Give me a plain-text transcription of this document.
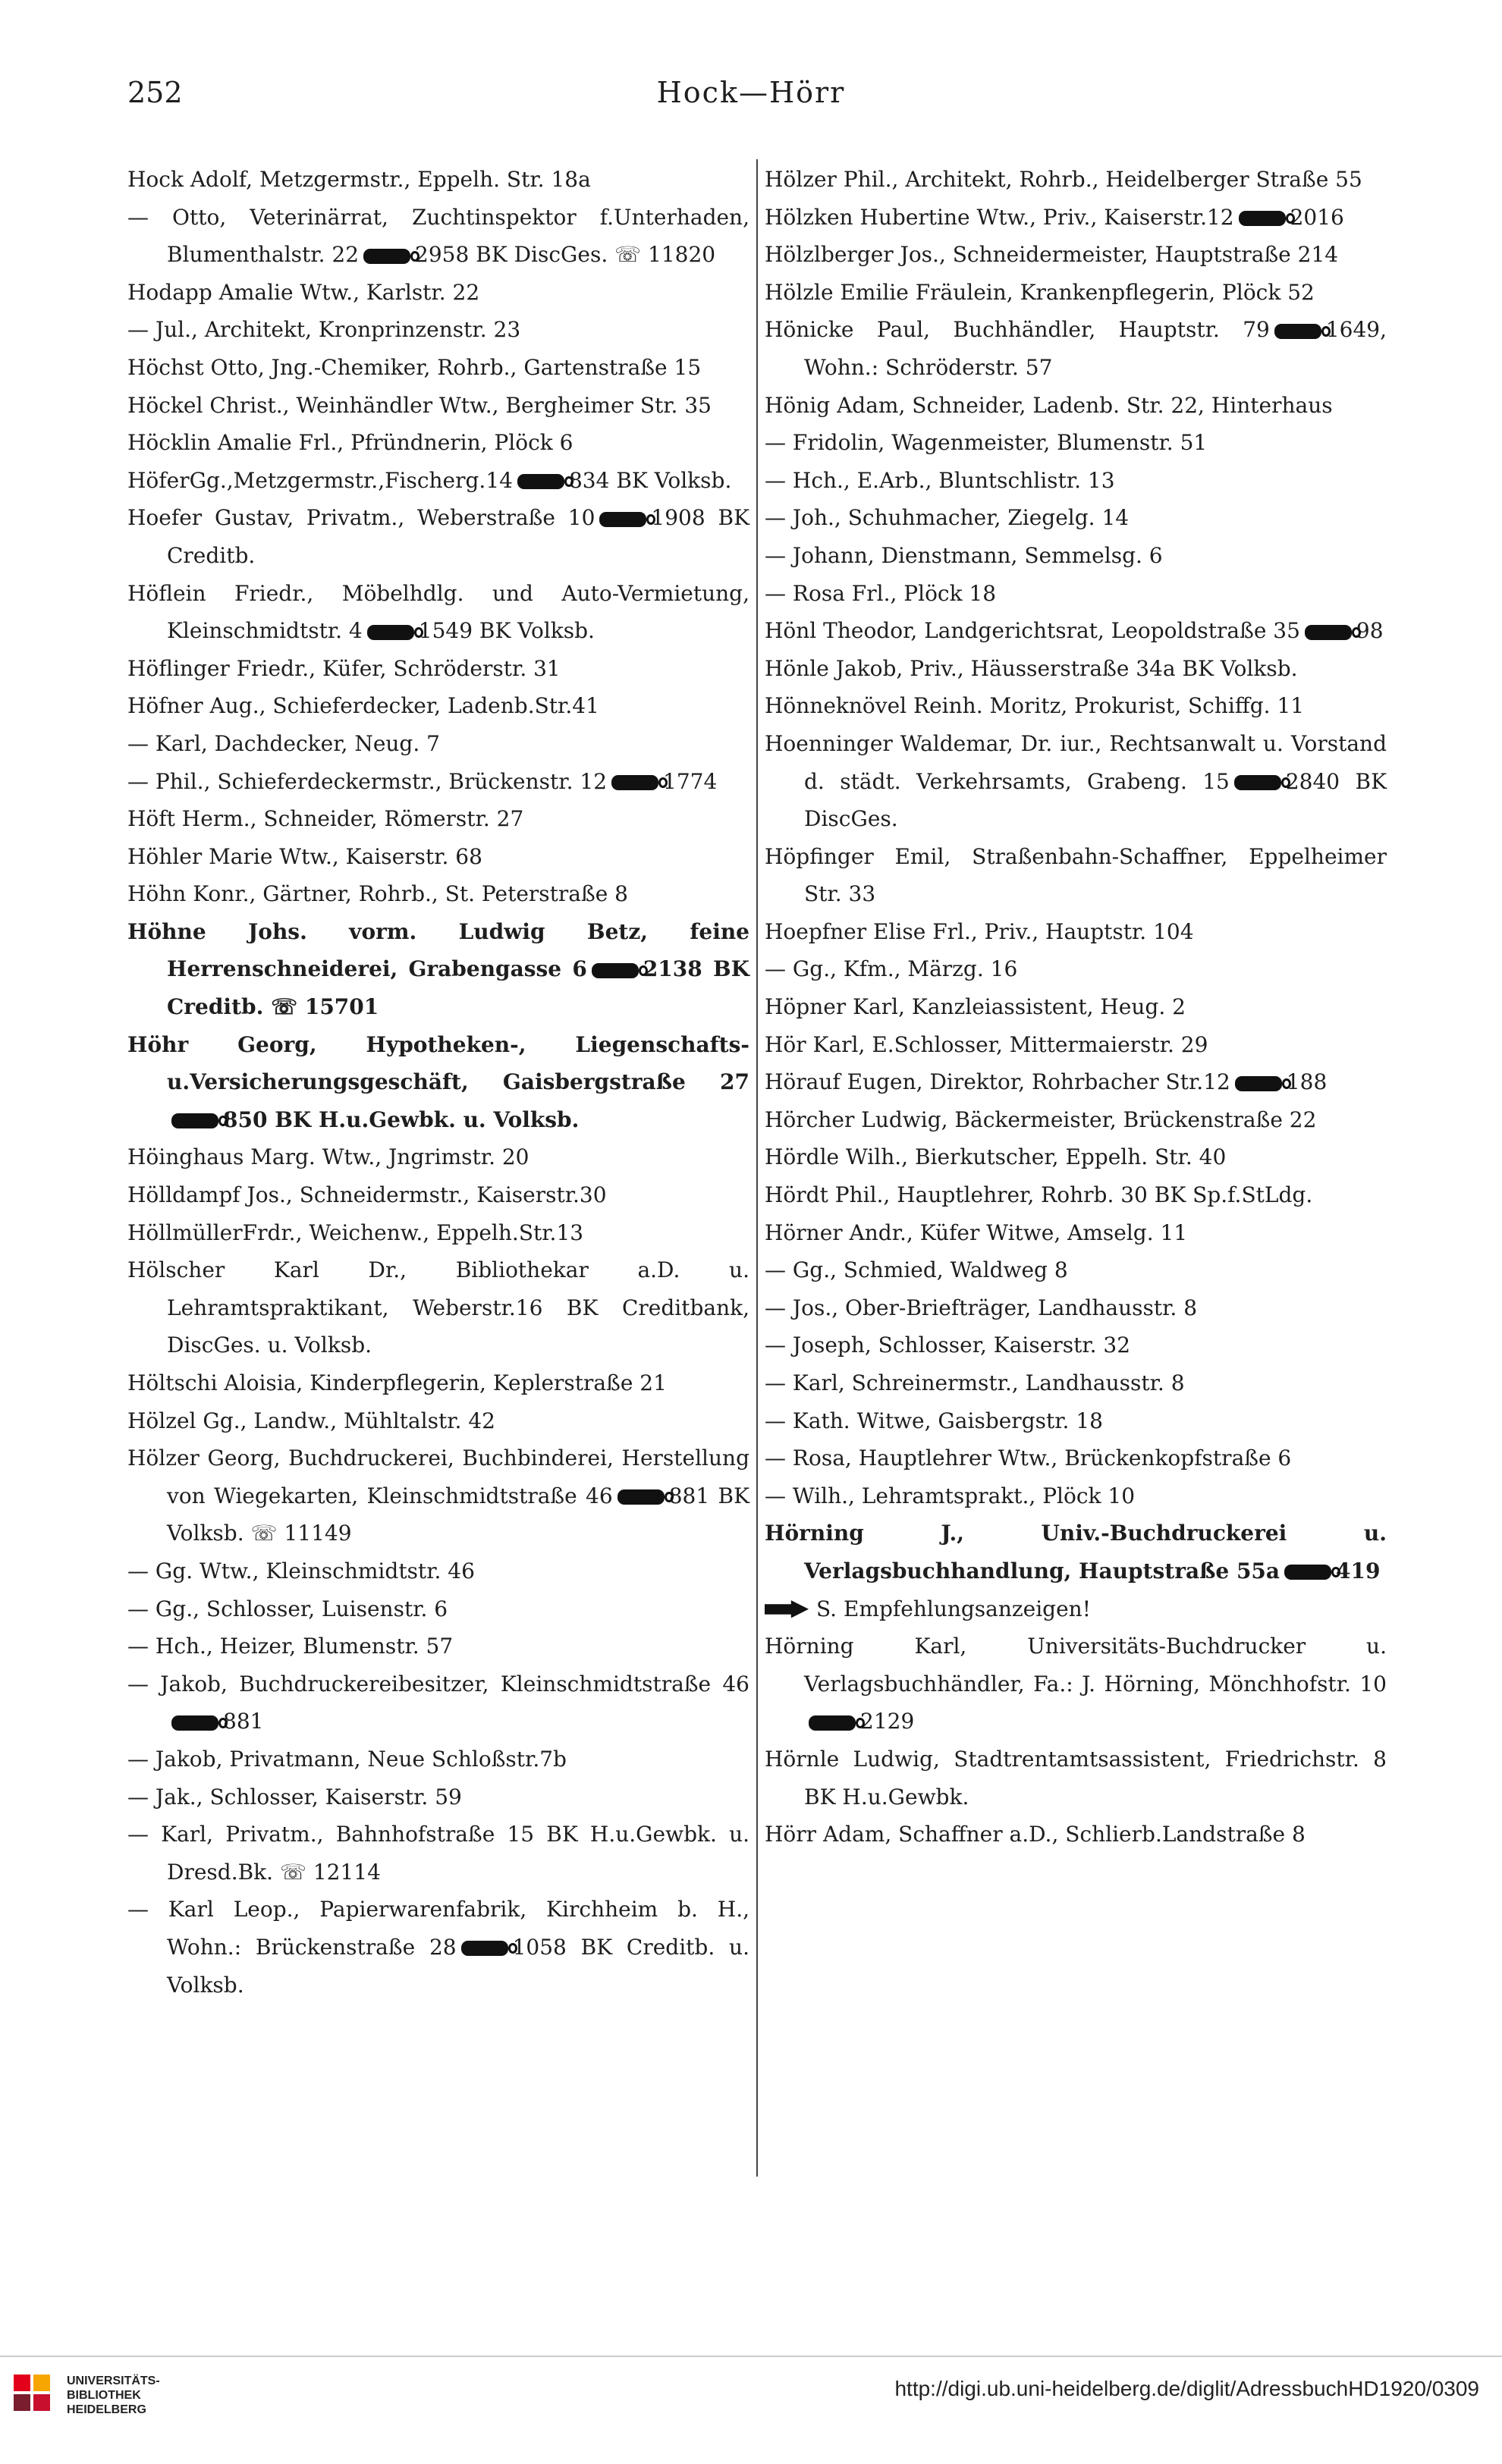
252	Hock—Hörr

Hock Adolf, Metzgermstr., Eppelh. Str. 18a

— Otto, Veterinärrat, Zuchtinspektor f.Unterhaden, Blumenthalstr. 22	2958 BK DiscGes. ☏ 11820

Hodapp Amalie Wtw., Karlstr. 22

— Jul., Architekt, Kronprinzenstr. 23

Höchst Otto, Jng.-Chemiker, Rohrb., Gartenstraße 15

Höckel Christ., Weinhändler Wtw., Bergheimer Str. 35

Höcklin Amalie Frl., Pfründnerin, Plöck 6

HöferGg.,Metzgermstr.,Fischerg.14	834 BK Volksb.

Hoefer Gustav, Privatm., Weberstraße 10	1908 BK Creditb.

Höflein Friedr., Möbelhdlg. und Auto-Vermietung, Kleinschmidtstr. 4	1549 BK Volksb.

Höflinger Friedr., Küfer, Schröderstr. 31

Höfner Aug., Schieferdecker, Ladenb.Str.41

— Karl, Dachdecker, Neug. 7

— Phil., Schieferdeckermstr., Brückenstr. 12	1774

Höft Herm., Schneider, Römerstr. 27

Höhler Marie Wtw., Kaiserstr. 68

Höhn Konr., Gärtner, Rohrb., St. Peterstraße 8

Höhne Johs. vorm. Ludwig Betz, feine Herrenschneiderei, Grabengasse 6	2138 BK Creditb. ☏ 15701

Höhr Georg, Hypotheken-, Liegenschafts- u.Versicherungsgeschäft, Gaisbergstraße 27850 BK H.u.Gewbk. u. Volksb.

Höinghaus Marg. Wtw., Jngrimstr. 20

Hölldampf Jos., Schneidermstr., Kaiserstr.30

HöllmüllerFrdr., Weichenw., Eppelh.Str.13

Hölscher Karl Dr., Bibliothekar a.D. u. Lehramtspraktikant, Weberstr.16 BK Creditbank, DiscGes. u. Volksb.

Höltschi Aloisia, Kinderpflegerin, Keplerstraße 21

Hölzel Gg., Landw., Mühltalstr. 42

Hölzer Georg, Buchdruckerei, Buchbinderei, Herstellung von Wiegekarten, Kleinschmidtstraße 46	881 BK Volksb. ☏ 11149

— Gg. Wtw., Kleinschmidtstr. 46

— Gg., Schlosser, Luisenstr. 6

— Hch., Heizer, Blumenstr. 57

— Jakob, Buchdruckereibesitzer, Kleinschmidtstraße 46881

— Jakob, Privatmann, Neue Schloßstr.7b

— Jak., Schlosser, Kaiserstr. 59

— Karl, Privatm., Bahnhofstraße 15 BK H.u.Gewbk. u. Dresd.Bk. ☏ 12114

— Karl Leop., Papierwarenfabrik, Kirchheim b. H., Wohn.: Brückenstraße 28	1058 BK Creditb. u. Volksb.

Hölzer Phil., Architekt, Rohrb., Heidelberger Straße 55

Hölzken Hubertine Wtw., Priv., Kaiserstr.12	2016

Hölzlberger Jos., Schneidermeister, Hauptstraße 214

Hölzle Emilie Fräulein, Krankenpflegerin, Plöck 52

Hönicke Paul, Buchhändler, Hauptstr. 79	1649, Wohn.: Schröderstr. 57

Hönig Adam, Schneider, Ladenb. Str. 22, Hinterhaus

— Fridolin, Wagenmeister, Blumenstr. 51

— Hch., E.Arb., Bluntschlistr. 13

— Joh., Schuhmacher, Ziegelg. 14

— Johann, Dienstmann, Semmelsg. 6

— Rosa Frl., Plöck 18

Hönl Theodor, Landgerichtsrat, Leopoldstraße 35	98

Hönle Jakob, Priv., Häusserstraße 34a BK Volksb.

Hönneknövel Reinh. Moritz, Prokurist, Schiffg. 11

Hoenninger Waldemar, Dr. iur., Rechtsanwalt u. Vorstand d. städt. Verkehrsamts, Grabeng. 15	2840 BK DiscGes.

Höpfinger Emil, Straßenbahn-Schaffner, Eppelheimer Str. 33

Hoepfner Elise Frl., Priv., Hauptstr. 104

— Gg., Kfm., Märzg. 16

Höpner Karl, Kanzleiassistent, Heug. 2

Hör Karl, E.Schlosser, Mittermaierstr. 29

Hörauf Eugen, Direktor, Rohrbacher Str.12	188

Hörcher Ludwig, Bäckermeister, Brückenstraße 22

Hördle Wilh., Bierkutscher, Eppelh. Str. 40

Hördt Phil., Hauptlehrer, Rohrb. 30 BK Sp.f.StLdg.

Hörner Andr., Küfer Witwe, Amselg. 11

— Gg., Schmied, Waldweg 8

— Jos., Ober-Briefträger, Landhausstr. 8

— Joseph, Schlosser, Kaiserstr. 32

— Karl, Schreinermstr., Landhausstr. 8

— Kath. Witwe, Gaisbergstr. 18

— Rosa, Hauptlehrer Wtw., Brückenkopfstraße 6

— Wilh., Lehramtsprakt., Plöck 10

Hörning J., Univ.-Buchdruckerei u. Verlagsbuchhandlung, Hauptstraße 55a	419

S. Empfehlungsanzeigen!

Hörning Karl, Universitäts-Buchdrucker u. Verlagsbuchhändler, Fa.: J. Hörning, Mönchhofstr. 102129

Hörnle Ludwig, Stadtrentamtsassistent, Friedrichstr. 8 BK H.u.Gewbk.

Hörr Adam, Schaffner a.D., Schlierb.Landstraße 8

UNIVERSITÄTS-
BIBLIOTHEK
HEIDELBERG
http://digi.ub.uni-heidelberg.de/diglit/AdressbuchHD1920/0309
